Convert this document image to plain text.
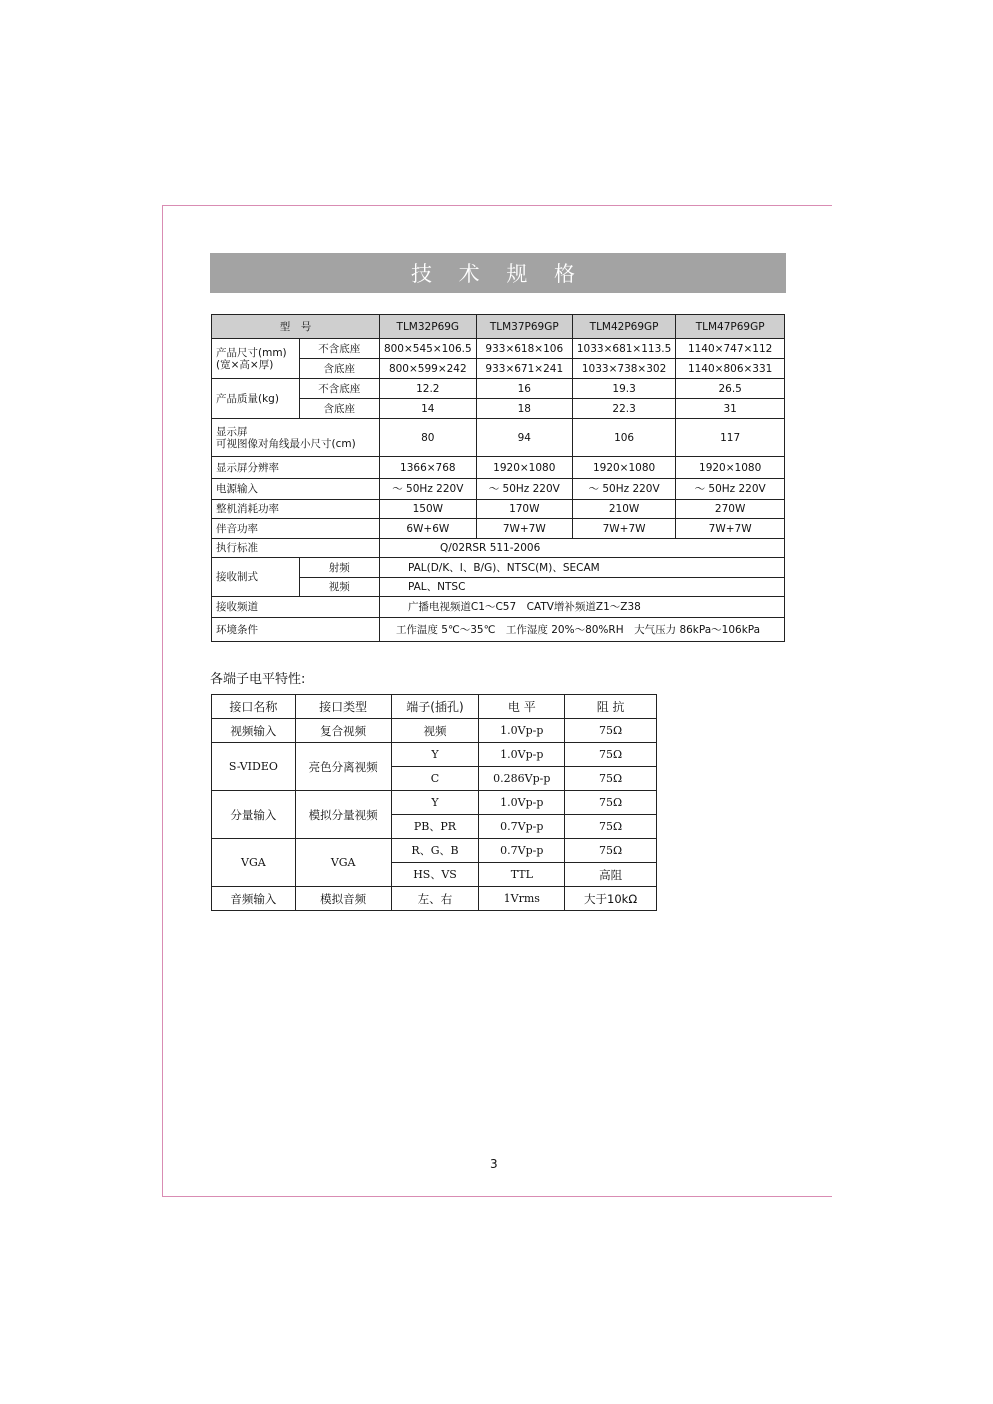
技 术 规 格
型　号		TLM32P69G	TLM37P69GP	TLM42P69GP	TLM47P69GP

产品尺寸(mm)
(宽×高×厚)	不含底座	800×545×106.5	933×618×106	1033×681×113.5	1140×747×112
	含底座	800×599×242	933×671×241	1033×738×302	1140×806×331
产品质量(kg)	不含底座	12.2	16	19.3	26.5
	含底座	14	18	22.3	31

显示屏
可视图像对角线最小尺寸(cm)		80	94	106	117
显示屏分辨率		1366×768	1920×1080	1920×1080	1920×1080
电源输入		～ 50Hz 220V	～ 50Hz 220V	～ 50Hz 220V	～ 50Hz 220V
整机消耗功率		150W	170W	210W	270W
伴音功率		6W+6W	7W+7W	7W+7W	7W+7W
执行标准		Q/02RSR 511-2006			
接收制式	射频	PAL(D/K、I、B/G)、NTSC(M)、SECAM			
	视频	PAL、NTSC			
接收频道		广播电视频道C1～C57　CATV增补频道Z1～Z38			
环境条件		工作温度 5℃～35℃　工作湿度 20%～80%RH　大气压力 86kPa～106kPa			
各端子电平特性:
接口名称	接口类型	端子(插孔)	电 平	阻 抗
视频输入	复合视频	视频	1.0Vp-p	75Ω
S-VIDEO	亮色分离视频	Y	1.0Vp-p	75Ω
		C	0.286Vp-p	75Ω
分量输入	模拟分量视频	Y	1.0Vp-p	75Ω
		PB、PR	0.7Vp-p	75Ω
VGA	VGA	R、G、B	0.7Vp-p	75Ω
		HS、VS	TTL	高阻
音频输入	模拟音频	左、右	1Vrms	大于10kΩ
3
